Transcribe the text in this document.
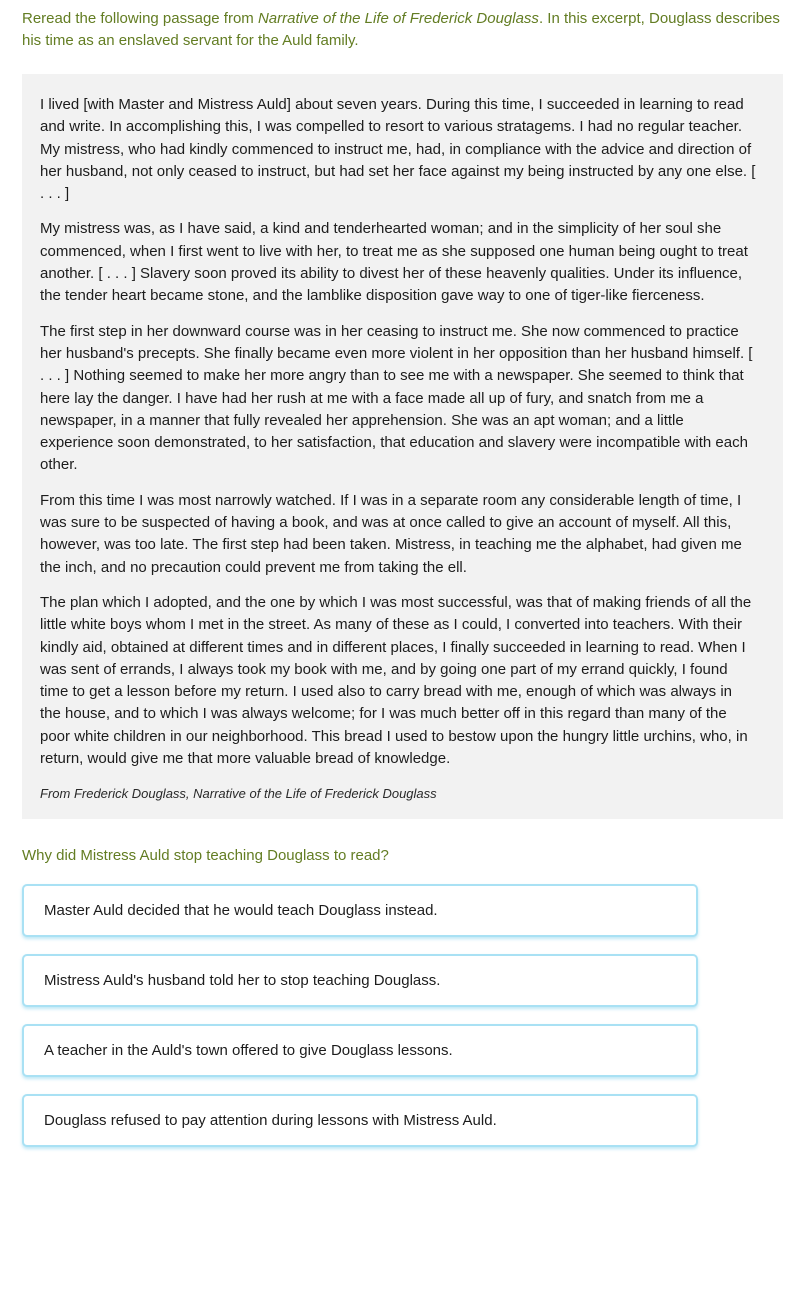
Reread the following passage from Narrative of the Life of Frederick Douglass. In this excerpt, Douglass describes his time as an enslaved servant for the Auld family.

I lived [with Master and Mistress Auld] about seven years. During this time, I succeeded in learning to read and write. In accomplishing this, I was compelled to resort to various stratagems. I had no regular teacher. My mistress, who had kindly commenced to instruct me, had, in compliance with the advice and direction of her husband, not only ceased to instruct, but had set her face against my being instructed by any one else. [ . . . ]

My mistress was, as I have said, a kind and tenderhearted woman; and in the simplicity of her soul she commenced, when I first went to live with her, to treat me as she supposed one human being ought to treat another. [ . . . ] Slavery soon proved its ability to divest her of these heavenly qualities. Under its influence, the tender heart became stone, and the lamblike disposition gave way to one of tiger-like fierceness.

The first step in her downward course was in her ceasing to instruct me. She now commenced to practice her husband's precepts. She finally became even more violent in her opposition than her husband himself. [ . . . ] Nothing seemed to make her more angry than to see me with a newspaper. She seemed to think that here lay the danger. I have had her rush at me with a face made all up of fury, and snatch from me a newspaper, in a manner that fully revealed her apprehension. She was an apt woman; and a little experience soon demonstrated, to her satisfaction, that education and slavery were incompatible with each other.

From this time I was most narrowly watched. If I was in a separate room any considerable length of time, I was sure to be suspected of having a book, and was at once called to give an account of myself. All this, however, was too late. The first step had been taken. Mistress, in teaching me the alphabet, had given me the inch, and no precaution could prevent me from taking the ell.

The plan which I adopted, and the one by which I was most successful, was that of making friends of all the little white boys whom I met in the street. As many of these as I could, I converted into teachers. With their kindly aid, obtained at different times and in different places, I finally succeeded in learning to read. When I was sent of errands, I always took my book with me, and by going one part of my errand quickly, I found time to get a lesson before my return. I used also to carry bread with me, enough of which was always in the house, and to which I was always welcome; for I was much better off in this regard than many of the poor white children in our neighborhood. This bread I used to bestow upon the hungry little urchins, who, in return, would give me that more valuable bread of knowledge.

From Frederick Douglass, Narrative of the Life of Frederick Douglass
Why did Mistress Auld stop teaching Douglass to read?
Master Auld decided that he would teach Douglass instead.
Mistress Auld's husband told her to stop teaching Douglass.
A teacher in the Auld's town offered to give Douglass lessons.
Douglass refused to pay attention during lessons with Mistress Auld.
